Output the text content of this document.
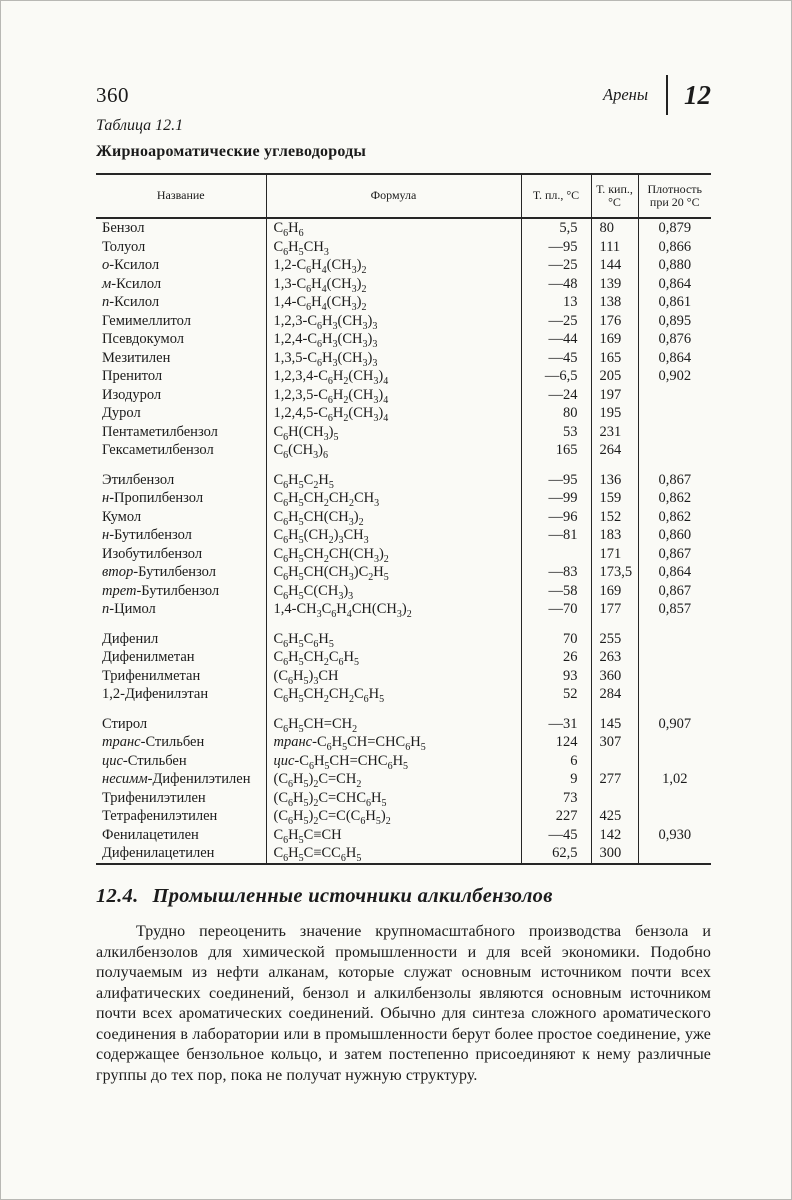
360	Арены 12
Таблица 12.1
Жирноароматические углеводороды
Название	Формула	Т. пл., °С	Т. кип., °С	Плотность при 20 °С
Бензол	$C_6H_6$	5,5	80	0,879
Толуол	$C_6H_5CH_3$	—95	111	0,866
о-Ксилол	$1,2-C_6H_4(CH_3)_2$	—25	144	0,880
м-Ксилол	$1,3-C_6H_4(CH_3)_2$	—48	139	0,864
п-Ксилол	$1,4-C_6H_4(CH_3)_2$	13	138	0,861
Гемимеллитол	$1,2,3-C_6H_3(CH_3)_3$	—25	176	0,895
Псевдокумол	$1,2,4-C_6H_3(CH_3)_3$	—44	169	0,876
Мезитилен	$1,3,5-C_6H_3(CH_3)_3$	—45	165	0,864
Пренитол	$1,2,3,4-C_6H_2(CH_3)_4$	—6,5	205	0,902
Изодурол	$1,2,3,5-C_6H_2(CH_3)_4$	—24	197	
Дурол	$1,2,4,5-C_6H_2(CH_3)_4$	80	195	
Пентаметилбензол	$C_6H(CH_3)_5$	53	231	
Гексаметилбензол	$C_6(CH_3)_6$	165	264	
Этилбензол	$C_6H_5C_2H_5$	—95	136	0,867
н-Пропилбензол	$C_6H_5CH_2CH_2CH_3$	—99	159	0,862
Кумол	$C_6H_5CH(CH_3)_2$	—96	152	0,862
н-Бутилбензол	$C_6H_5(CH_2)_3CH_3$	—81	183	0,860
Изобутилбензол	$C_6H_5CH_2CH(CH_3)_2$		171	0,867
втор-Бутилбензол	$C_6H_5CH(CH_3)C_2H_5$	—83	173,5	0,864
трет-Бутилбензол	$C_6H_5C(CH_3)_3$	—58	169	0,867
п-Цимол	$1,4-CH_3C_6H_4CH(CH_3)_2$	—70	177	0,857
Дифенил	$C_6H_5C_6H_5$	70	255	
Дифенилметан	$C_6H_5CH_2C_6H_5$	26	263	
Трифенилметан	$(C_6H_5)_3CH$	93	360	
1,2-Дифенилэтан	$C_6H_5CH_2CH_2C_6H_5$	52	284	
Стирол	$C_6H_5CH=CH_2$	—31	145	0,907
транс-Стильбен	транс-$C_6H_5CH=CHC_6H_5$	124	307	
цис-Стильбен	цис-$C_6H_5CH=CHC_6H_5$	6		
несимм-Дифенилэтилен	$(C_6H_5)_2C=CH_2$	9	277	1,02
Трифенилэтилен	$(C_6H_5)_2C=CHC_6H_5$	73		
Тетрафенилэтилен	$(C_6H_5)_2C=C(C_6H_5)_2$	227	425	
Фенилацетилен	$C_6H_5C\equiv CH$	—45	142	0,930
Дифенилацетилен	$C_6H_5C\equiv CC_6H_5$	62,5	300	
12.4. Промышленные источники алкилбензолов
Трудно переоценить значение крупномасштабного производства бензола и алкилбензолов для химической промышленности и для всей экономики. Подобно получаемым из нефти алканам, которые служат основным источником почти всех алифатических соединений, бензол и алкилбензолы являются основным источником почти всех ароматических соединений. Обычно для синтеза сложного ароматического соединения в лаборатории или в промышленности берут более простое соединение, уже содержащее бензольное кольцо, и затем постепенно присоединяют к нему различные группы до тех пор, пока не получат нужную структуру.
